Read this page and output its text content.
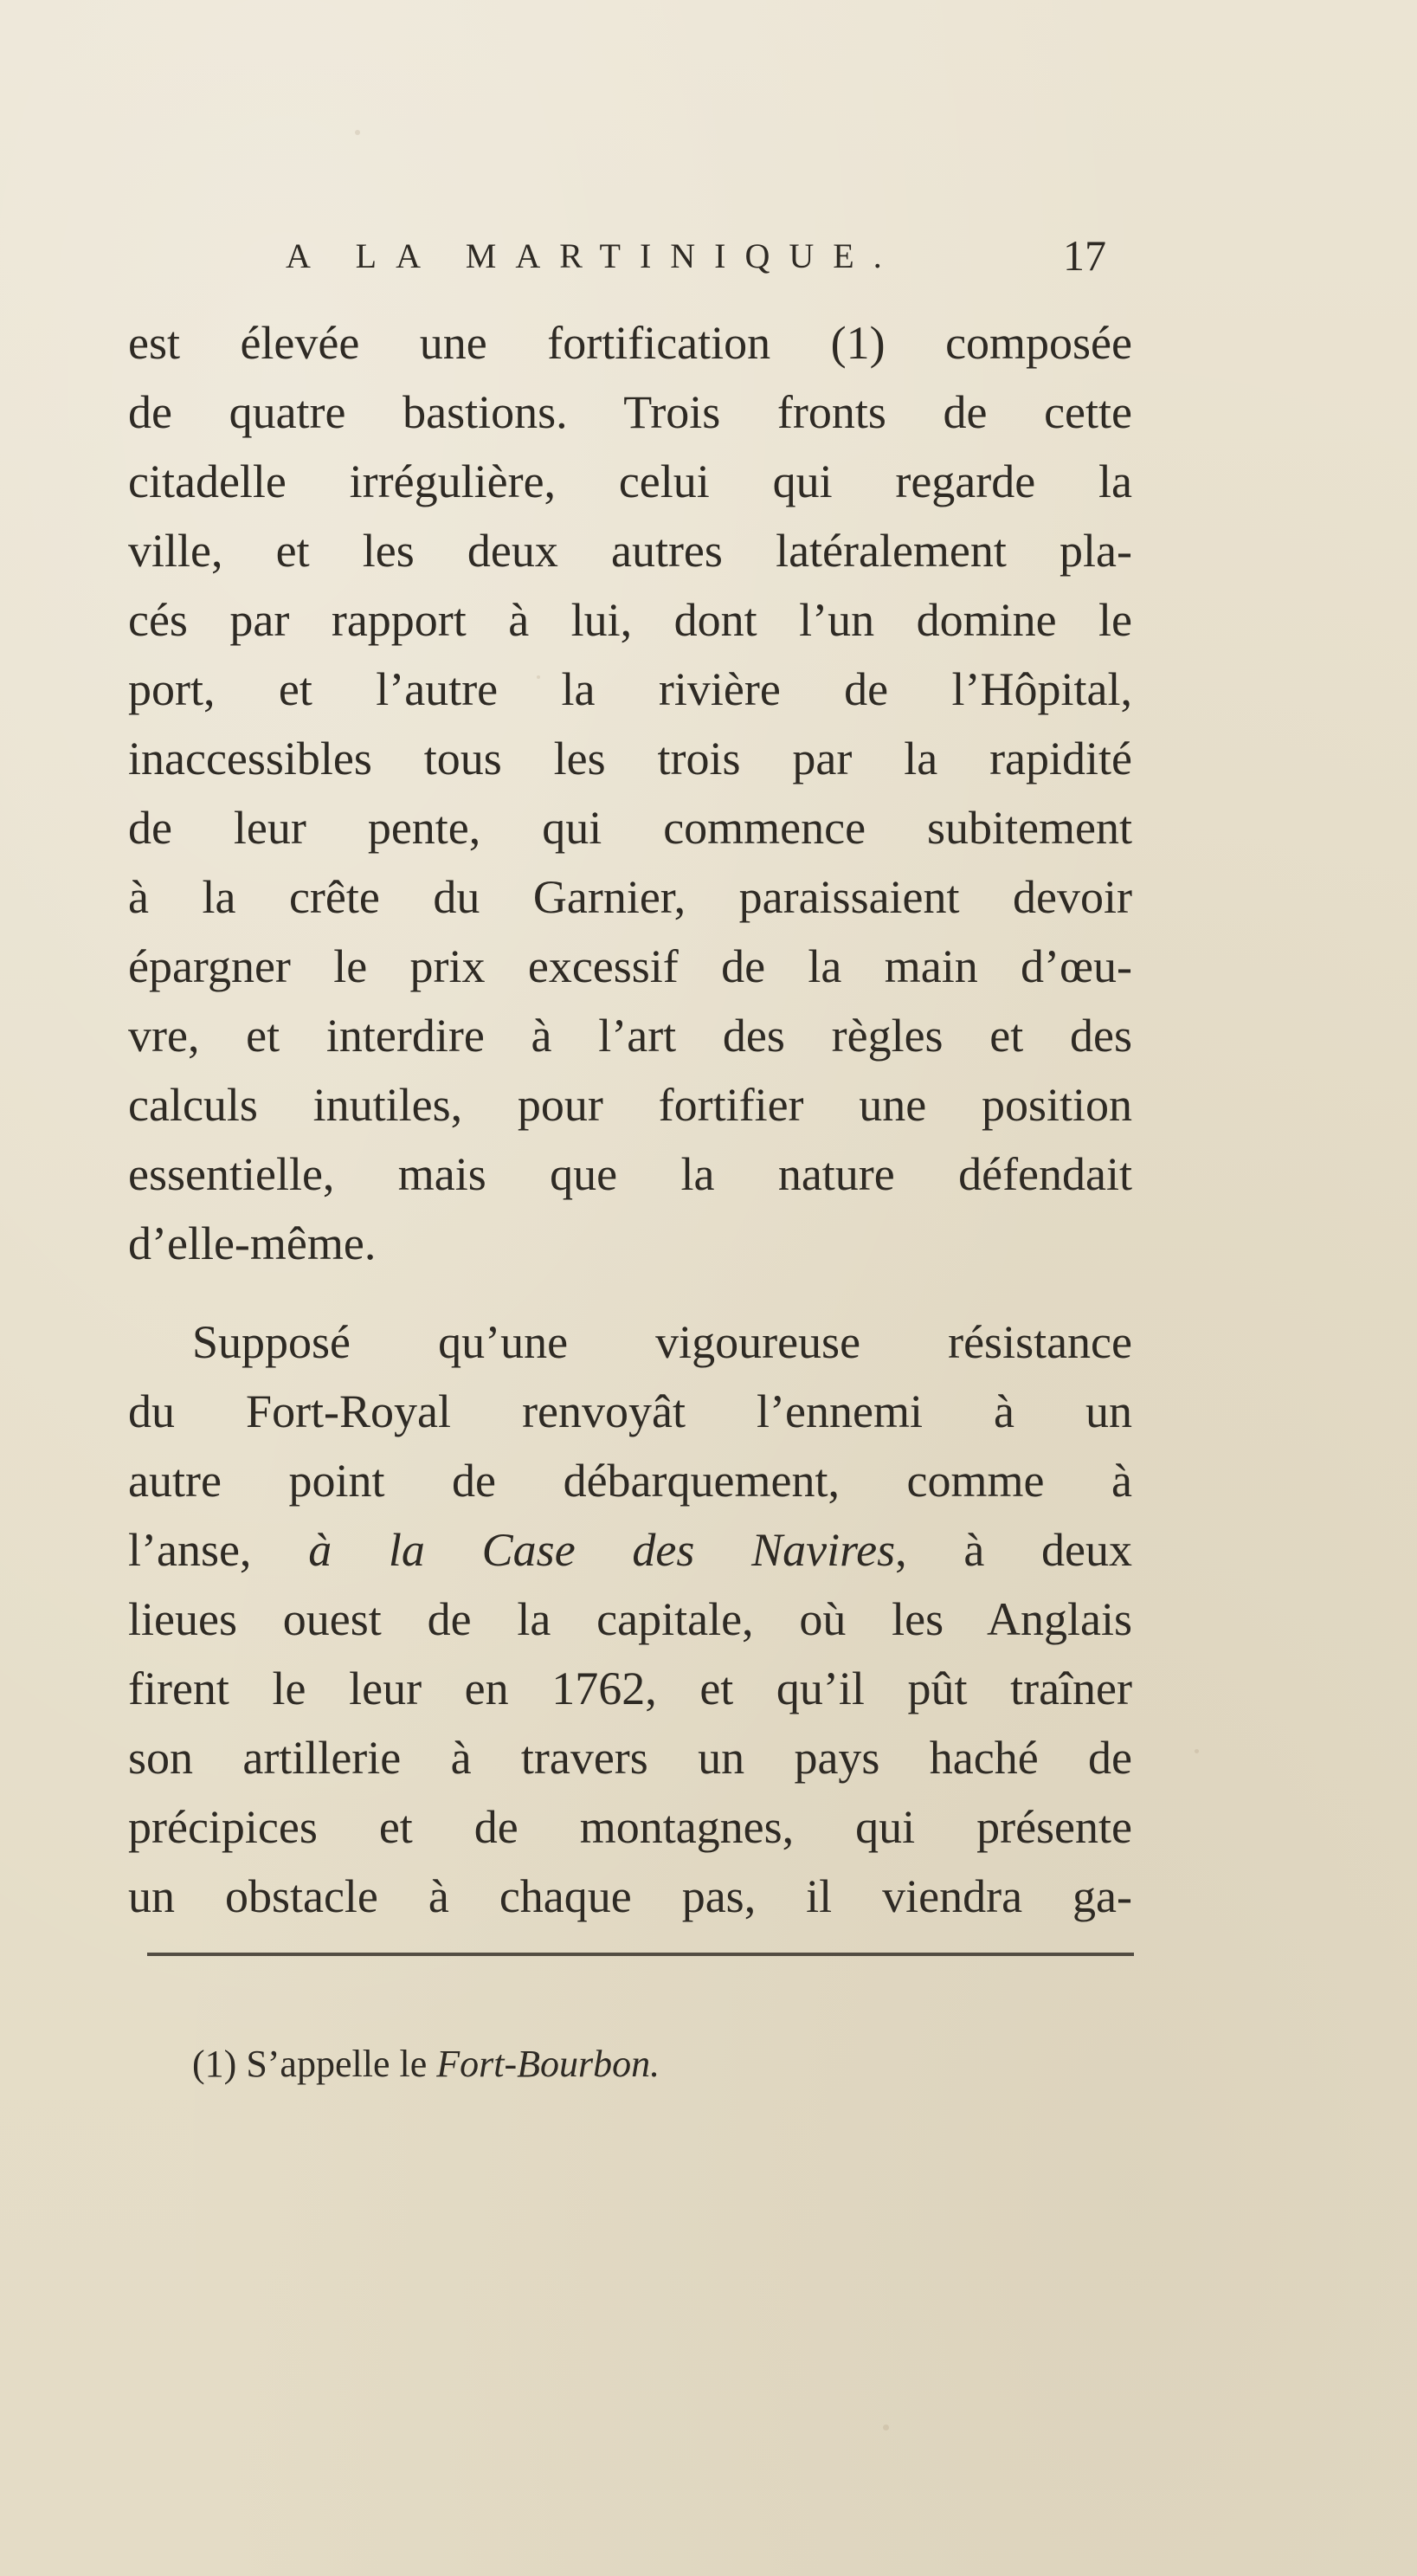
A LA MARTINIQUE.	17
est élevée une fortification (1) composée
de quatre bastions. Trois fronts de cette
citadelle irrégulière, celui qui regarde la
ville, et les deux autres latéralement pla-
cés par rapport à lui, dont l’un domine le
port, et l’autre la rivière de l’Hôpital,
inaccessibles tous les trois par la rapidité
de leur pente, qui commence subitement
à la crête du Garnier, paraissaient devoir
épargner le prix excessif de la main d’œu-
vre, et interdire à l’art des règles et des
calculs inutiles, pour fortifier une position
essentielle, mais que la nature défendait
d’elle-même.
Supposé qu’une vigoureuse résistance
du Fort-Royal renvoyât l’ennemi à un
autre point de débarquement, comme à
l’anse, à la Case des Navires, à deux
lieues ouest de la capitale, où les Anglais
firent le leur en 1762, et qu’il pût traîner
son artillerie à travers un pays haché de
précipices et de montagnes, qui présente
un obstacle à chaque pas, il viendra ga-
(1) S’appelle le Fort-Bourbon.
